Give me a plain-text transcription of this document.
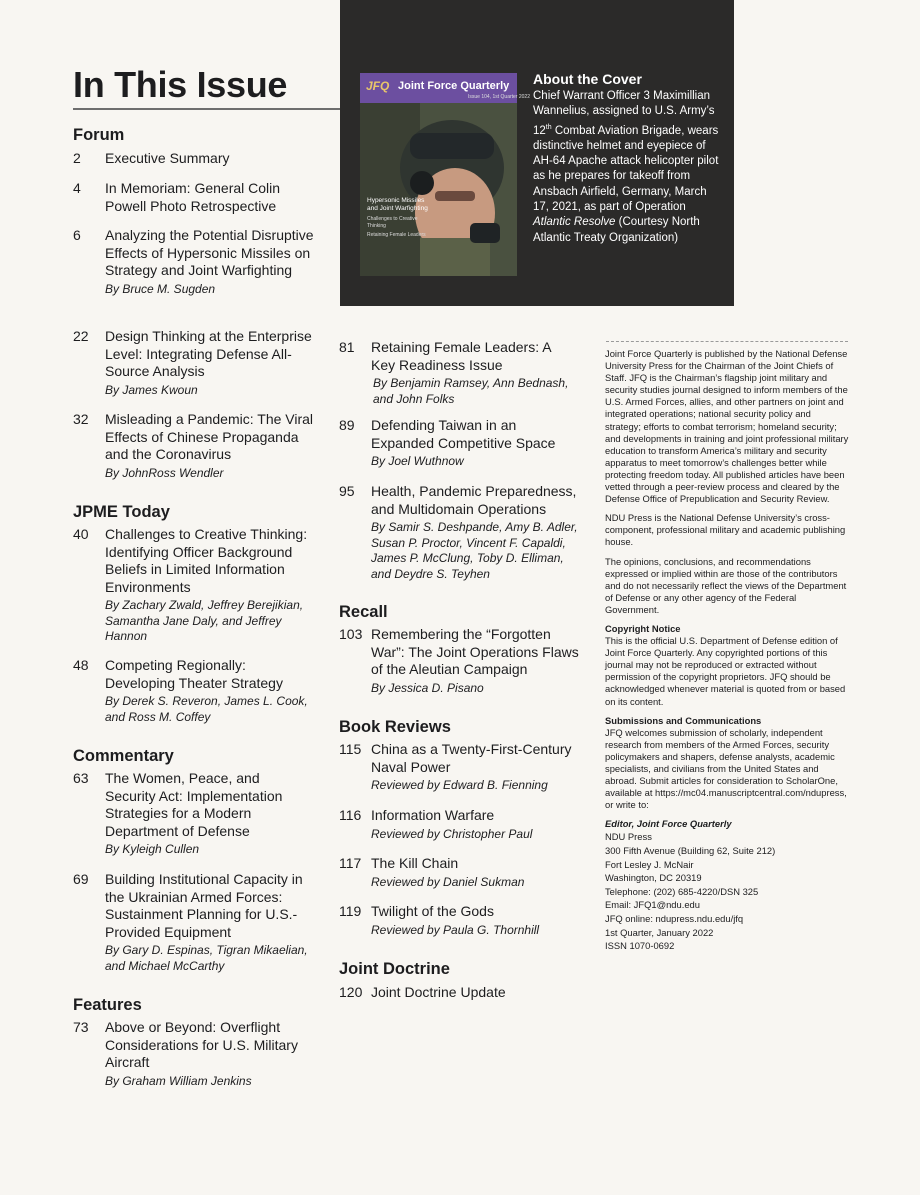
In This Issue	JFQ Joint Force Quarterly
Issue 104, 1st Quarter 2022
Hypersonic Missiles and Joint Warfighting
Challenges to Creative Thinking
Retaining Female Leaders
About the Cover
Chief Warrant Officer 3 Maximillian Wannelius, assigned to U.S. Army’s 12th Combat Aviation Brigade, wears distinctive helmet and eyepiece of AH-64 Apache attack helicopter pilot as he prepares for takeoff from Ansbach Airfield, Germany, March 17, 2021, as part of Operation Atlantic Resolve (Courtesy North Atlantic Treaty Organization)
Forum
2 Executive Summary
4 In Memoriam: General Colin Powell Photo Retrospective
6 Analyzing the Potential Disruptive Effects of Hypersonic Missiles on Strategy and Joint Warfighting
By Bruce M. Sugden
22 Design Thinking at the Enterprise Level: Integrating Defense All-Source Analysis
By James Kwoun
32 Misleading a Pandemic: The Viral Effects of Chinese Propaganda and the Coronavirus
By JohnRoss Wendler
JPME Today
40 Challenges to Creative Thinking: Identifying Officer Background Beliefs in Limited Information Environments
By Zachary Zwald, Jeffrey Berejikian, Samantha Jane Daly, and Jeffrey Hannon
48 Competing Regionally: Developing Theater Strategy
By Derek S. Reveron, James L. Cook, and Ross M. Coffey
Commentary
63 The Women, Peace, and Security Act: Implementation Strategies for a Modern Department of Defense
By Kyleigh Cullen
69 Building Institutional Capacity in the Ukrainian Armed Forces: Sustainment Planning for U.S.-Provided Equipment
By Gary D. Espinas, Tigran Mikaelian, and Michael McCarthy
Features
73 Above or Beyond: Overflight Considerations for U.S. Military Aircraft
By Graham William Jenkins
81 Retaining Female Leaders: A Key Readiness Issue
By Benjamin Ramsey, Ann Bednash, and John Folks
89 Defending Taiwan in an Expanded Competitive Space
By Joel Wuthnow
95 Health, Pandemic Preparedness, and Multidomain Operations
By Samir S. Deshpande, Amy B. Adler, Susan P. Proctor, Vincent F. Capaldi, James P. McClung, Toby D. Elliman, and Deydre S. Teyhen
Recall
103 Remembering the “Forgotten War”: The Joint Operations Flaws of the Aleutian Campaign
By Jessica D. Pisano
Book Reviews
115 China as a Twenty-First-Century Naval Power
Reviewed by Edward B. Fienning
116 Information Warfare
Reviewed by Christopher Paul
117 The Kill Chain
Reviewed by Daniel Sukman
119 Twilight of the Gods
Reviewed by Paula G. Thornhill
Joint Doctrine
120 Joint Doctrine Update

Joint Force Quarterly is published by the National Defense University Press for the Chairman of the Joint Chiefs of Staff. JFQ is the Chairman’s flagship joint military and security studies journal designed to inform members of the U.S. Armed Forces, allies, and other partners on joint and integrated operations; national security policy and strategy; efforts to combat terrorism; homeland security; and developments in training and joint professional military education to transform America’s military and security apparatus to meet tomorrow’s challenges better while protecting freedom today. All published articles have been vetted through a peer-review process and cleared by the Defense Office of Prepublication and Security Review.

NDU Press is the National Defense University’s cross-component, professional military and academic publishing house.

The opinions, conclusions, and recommendations expressed or implied within are those of the contributors and do not necessarily reflect the views of the Department of Defense or any other agency of the Federal Government.

Copyright Notice

This is the official U.S. Department of Defense edition of Joint Force Quarterly. Any copyrighted portions of this journal may not be reproduced or extracted without permission of the copyright proprietors. JFQ should be acknowledged whenever material is quoted from or based on its content.

Submissions and Communications

JFQ welcomes submission of scholarly, independent research from members of the Armed Forces, security policymakers and shapers, defense analysts, academic specialists, and civilians from the United States and abroad. Submit articles for consideration to ScholarOne, available at https://mc04.manuscriptcentral.com/ndupress, or write to:

Editor, Joint Force Quarterly
NDU Press
300 Fifth Avenue (Building 62, Suite 212)
Fort Lesley J. McNair
Washington, DC 20319
Telephone: (202) 685-4220/DSN 325
Email: JFQ1@ndu.edu
JFQ online: ndupress.ndu.edu/jfq
1st Quarter, January 2022
ISSN 1070-0692
